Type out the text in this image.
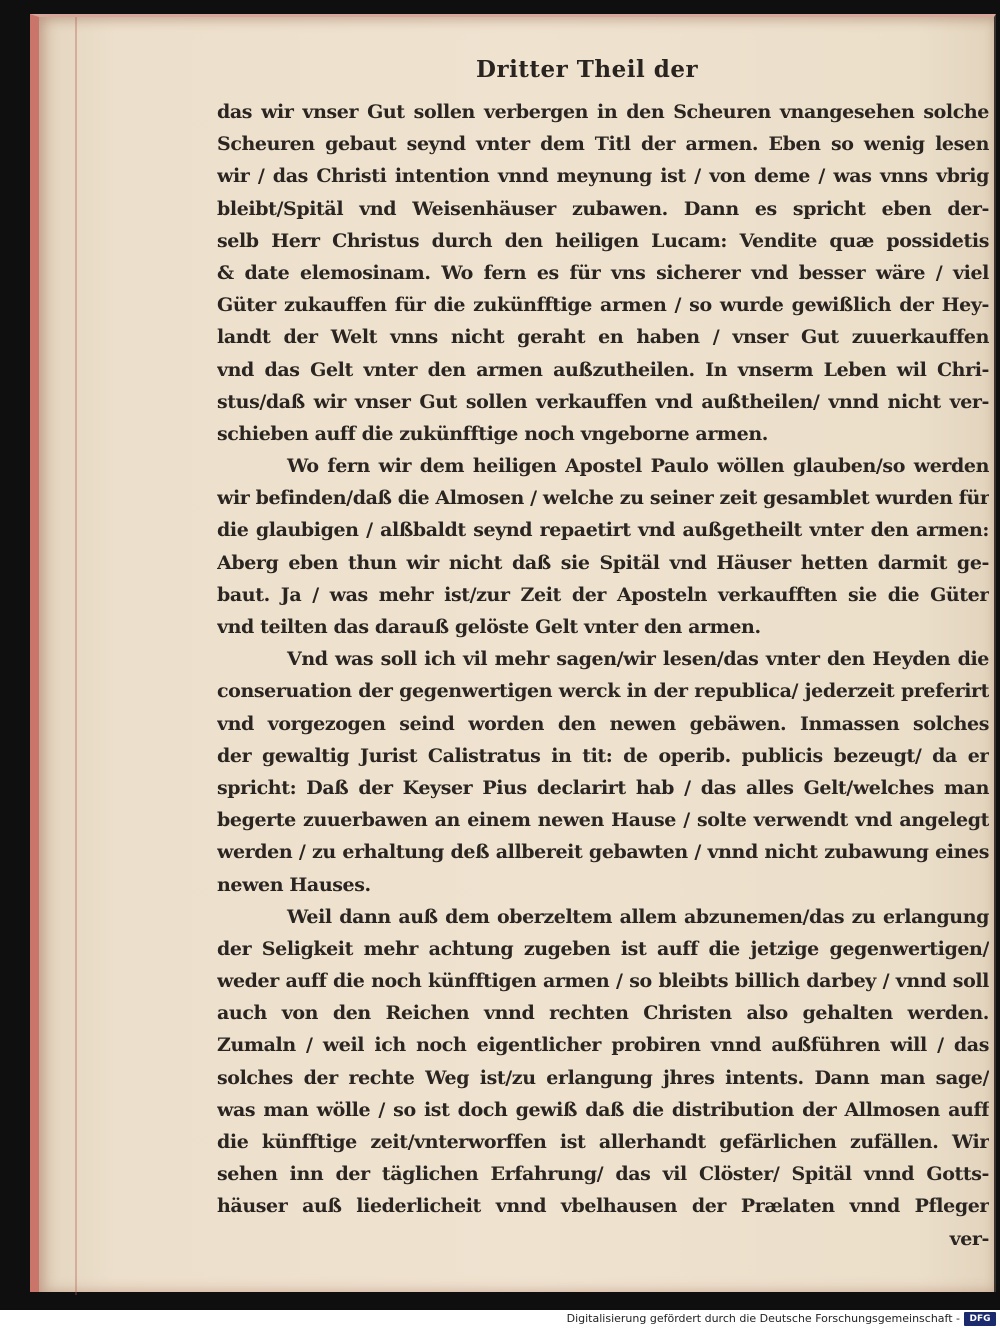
Dritter Theil der
das wir vnser Gut sollen verbergen in den Scheuren vnangesehen solche
Scheuren gebaut seynd vnter dem Titl der armen. Eben so wenig lesen
wir / das Christi intention vnnd meynung ist / von deme / was vnns vbrig
bleibt/Spitäl vnd Weisenhäuser zubawen. Dann es spricht eben der-
selb Herr Christus durch den heiligen Lucam: Vendite quæ possidetis
& date elemosinam. Wo fern es für vns sicherer vnd besser wäre / viel
Güter zukauffen für die zukünfftige armen / so wurde gewißlich der Hey-
landt der Welt vnns nicht geraht en haben / vnser Gut zuuerkauffen
vnd das Gelt vnter den armen außzutheilen. In vnserm Leben wil Chri-
stus/daß wir vnser Gut sollen verkauffen vnd außtheilen/ vnnd nicht ver-
schieben auff die zukünfftige noch vngeborne armen.
Wo fern wir dem heiligen Apostel Paulo wöllen glauben/so werden
wir befinden/daß die Almosen / welche zu seiner zeit gesamblet wurden für
die glaubigen / alßbaldt seynd repaetirt vnd außgetheilt vnter den armen:
Aberg eben thun wir nicht daß sie Spitäl vnd Häuser hetten darmit ge-
baut. Ja / was mehr ist/zur Zeit der Aposteln verkaufften sie die Güter
vnd teilten das darauß gelöste Gelt vnter den armen.
Vnd was soll ich vil mehr sagen/wir lesen/das vnter den Heyden die
conseruation der gegenwertigen werck in der republica/ jederzeit preferirt
vnd vorgezogen seind worden den newen gebäwen. Inmassen solches
der gewaltig Jurist Calistratus in tit: de operib. publicis bezeugt/ da er
spricht: Daß der Keyser Pius declarirt hab / das alles Gelt/welches man
begerte zuuerbawen an einem newen Hause / solte verwendt vnd angelegt
werden / zu erhaltung deß allbereit gebawten / vnnd nicht zubawung eines
newen Hauses.
Weil dann auß dem oberzeltem allem abzunemen/das zu erlangung
der Seligkeit mehr achtung zugeben ist auff die jetzige gegenwertigen/
weder auff die noch künfftigen armen / so bleibts billich darbey / vnnd soll
auch von den Reichen vnnd rechten Christen also gehalten werden.
Zumaln / weil ich noch eigentlicher probiren vnnd außführen will / das
solches der rechte Weg ist/zu erlangung jhres intents. Dann man sage/
was man wölle / so ist doch gewiß daß die distribution der Allmosen auff
die künfftige zeit/vnterworffen ist allerhandt gefärlichen zufällen. Wir
sehen inn der täglichen Erfahrung/ das vil Clöster/ Spitäl vnnd Gotts-
häuser auß liederlicheit vnnd vbelhausen der Prælaten vnnd Pfleger
ver-
Digitalisierung gefördert durch die Deutsche Forschungsgemeinschaft -	DFG
